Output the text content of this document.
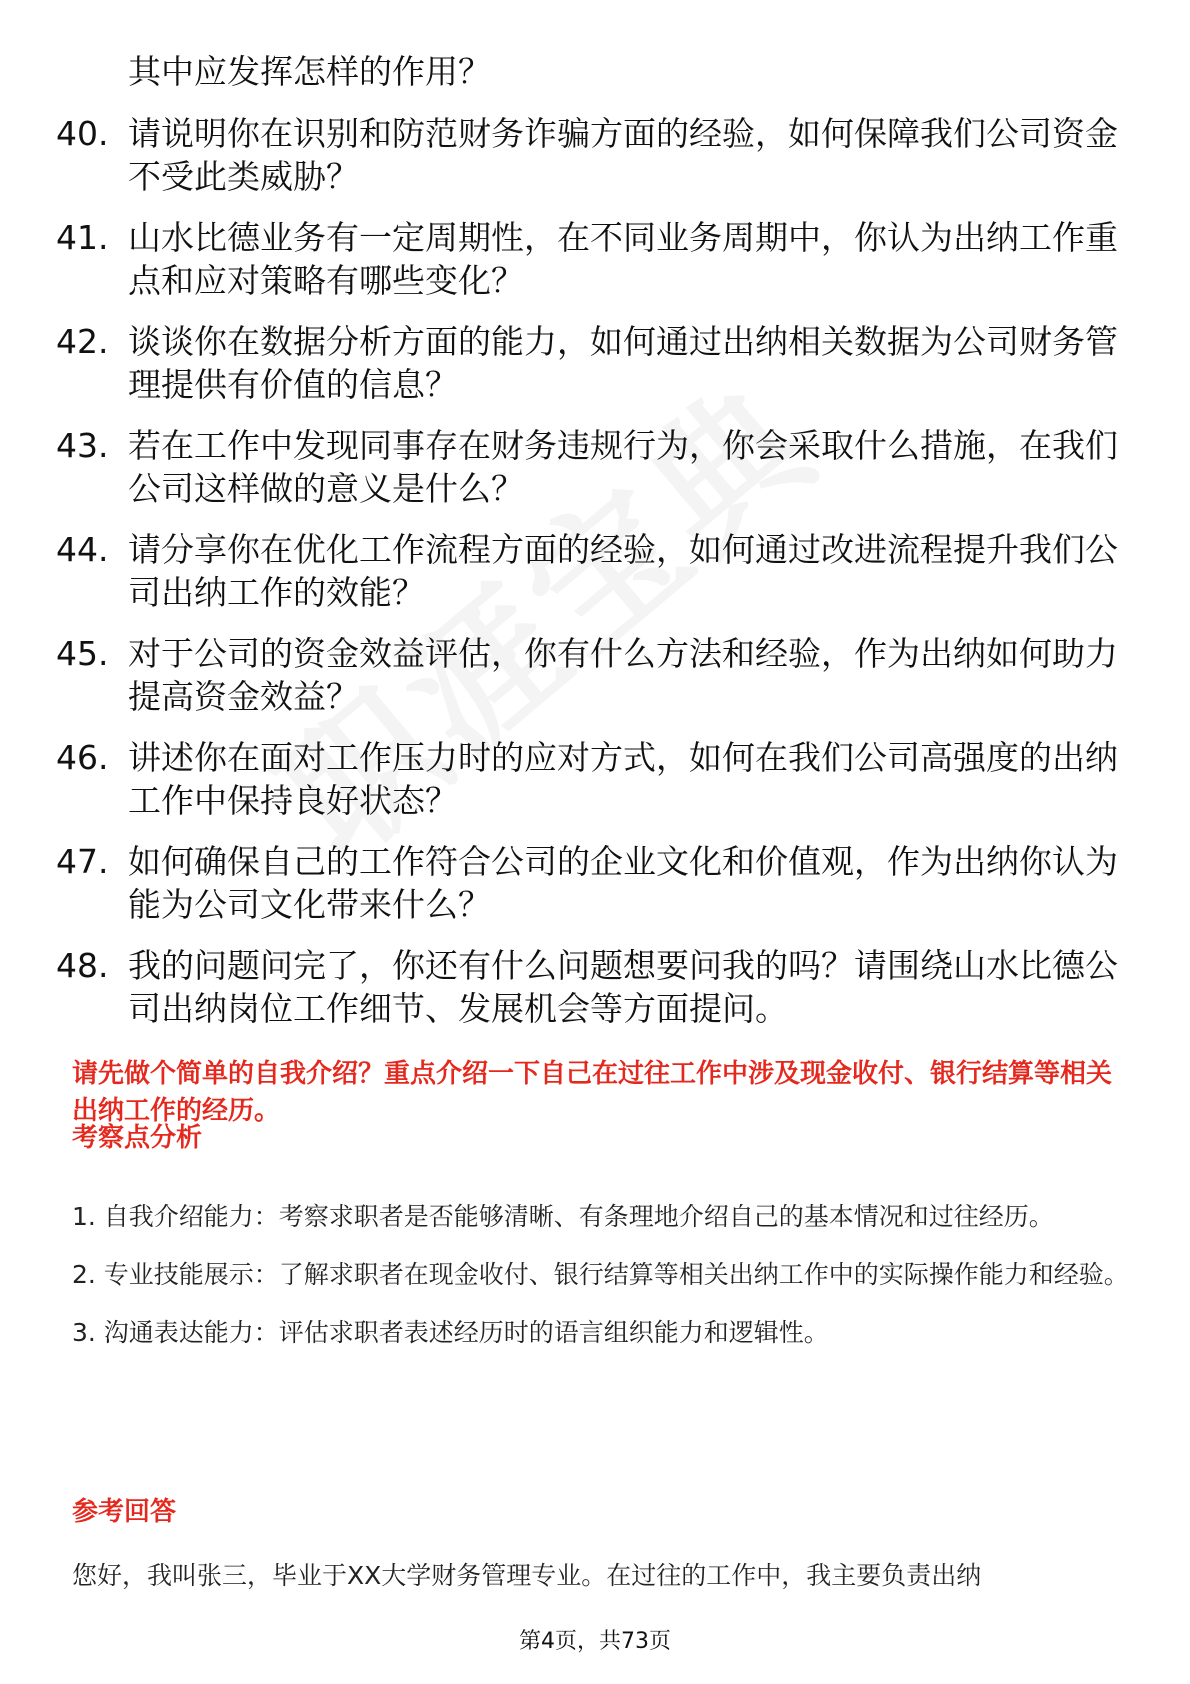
其中应发挥怎样的作用？

40. 请说明你在识别和防范财务诈骗方面的经验，如何保障我们公司资金不受此类威胁？
41. 山水比德业务有一定周期性，在不同业务周期中，你认为出纳工作重点和应对策略有哪些变化？
42. 谈谈你在数据分析方面的能力，如何通过出纳相关数据为公司财务管理提供有价值的信息？
43. 若在工作中发现同事存在财务违规行为，你会采取什么措施，在我们公司这样做的意义是什么？
44. 请分享你在优化工作流程方面的经验，如何通过改进流程提升我们公司出纳工作的效能？
45. 对于公司的资金效益评估，你有什么方法和经验，作为出纳如何助力提高资金效益？
46. 讲述你在面对工作压力时的应对方式，如何在我们公司高强度的出纳工作中保持良好状态？
47. 如何确保自己的工作符合公司的企业文化和价值观，作为出纳你认为能为公司文化带来什么？
48. 我的问题问完了，你还有什么问题想要问我的吗？请围绕山水比德公司出纳岗位工作细节、发展机会等方面提问。

请先做个简单的自我介绍？重点介绍一下自己在过往工作中涉及现金收付、银行结算等相关出纳工作的经历。

考察点分析
1. 自我介绍能力：考察求职者是否能够清晰、有条理地介绍自己的基本情况和过往经历。
2. 专业技能展示：了解求职者在现金收付、银行结算等相关出纳工作中的实际操作能力和经验。
3. 沟通表达能力：评估求职者表述经历时的语言组织能力和逻辑性。
参考回答

您好，我叫张三，毕业于XX大学财务管理专业。在过往的工作中，我主要负责出纳

第4页，共73页
